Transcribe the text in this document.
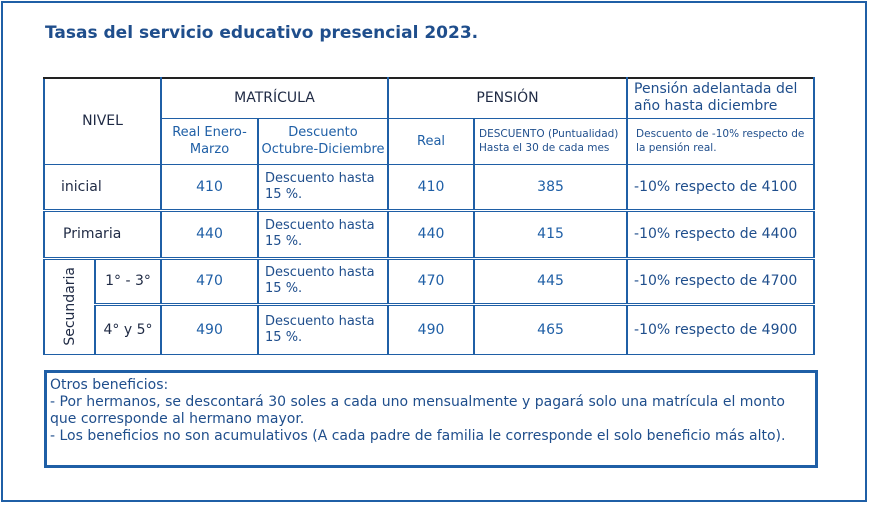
Tasas del servicio educativo presencial 2023.
NIVEL		MATRÍCULA		PENSIÓN		Pensión adelantada del año hasta diciembre
		Real Enero-Marzo	Descuento Octubre-Diciembre	Real	DESCUENTO (Puntualidad) Hasta el 30 de cada mes	Descuento de -10% respecto de la pensión real.
inicial		410	Descuento hasta 15 %.	410	385	-10% respecto de 4100
Primaria		440	Descuento hasta 15 %.	440	415	-10% respecto de 4400

Secundaria	1° - 3°	470	Descuento hasta 15 %.	470	445	-10% respecto de 4700
	4° y 5°	490	Descuento hasta 15 %.	490	465	-10% respecto de 4900
Otros beneficios:
- Por hermanos, se descontará 30 soles a cada uno mensualmente y pagará solo una matrícula el monto que corresponde al hermano mayor.
- Los beneficios no son acumulativos (A cada padre de familia le corresponde el solo beneficio más alto).
